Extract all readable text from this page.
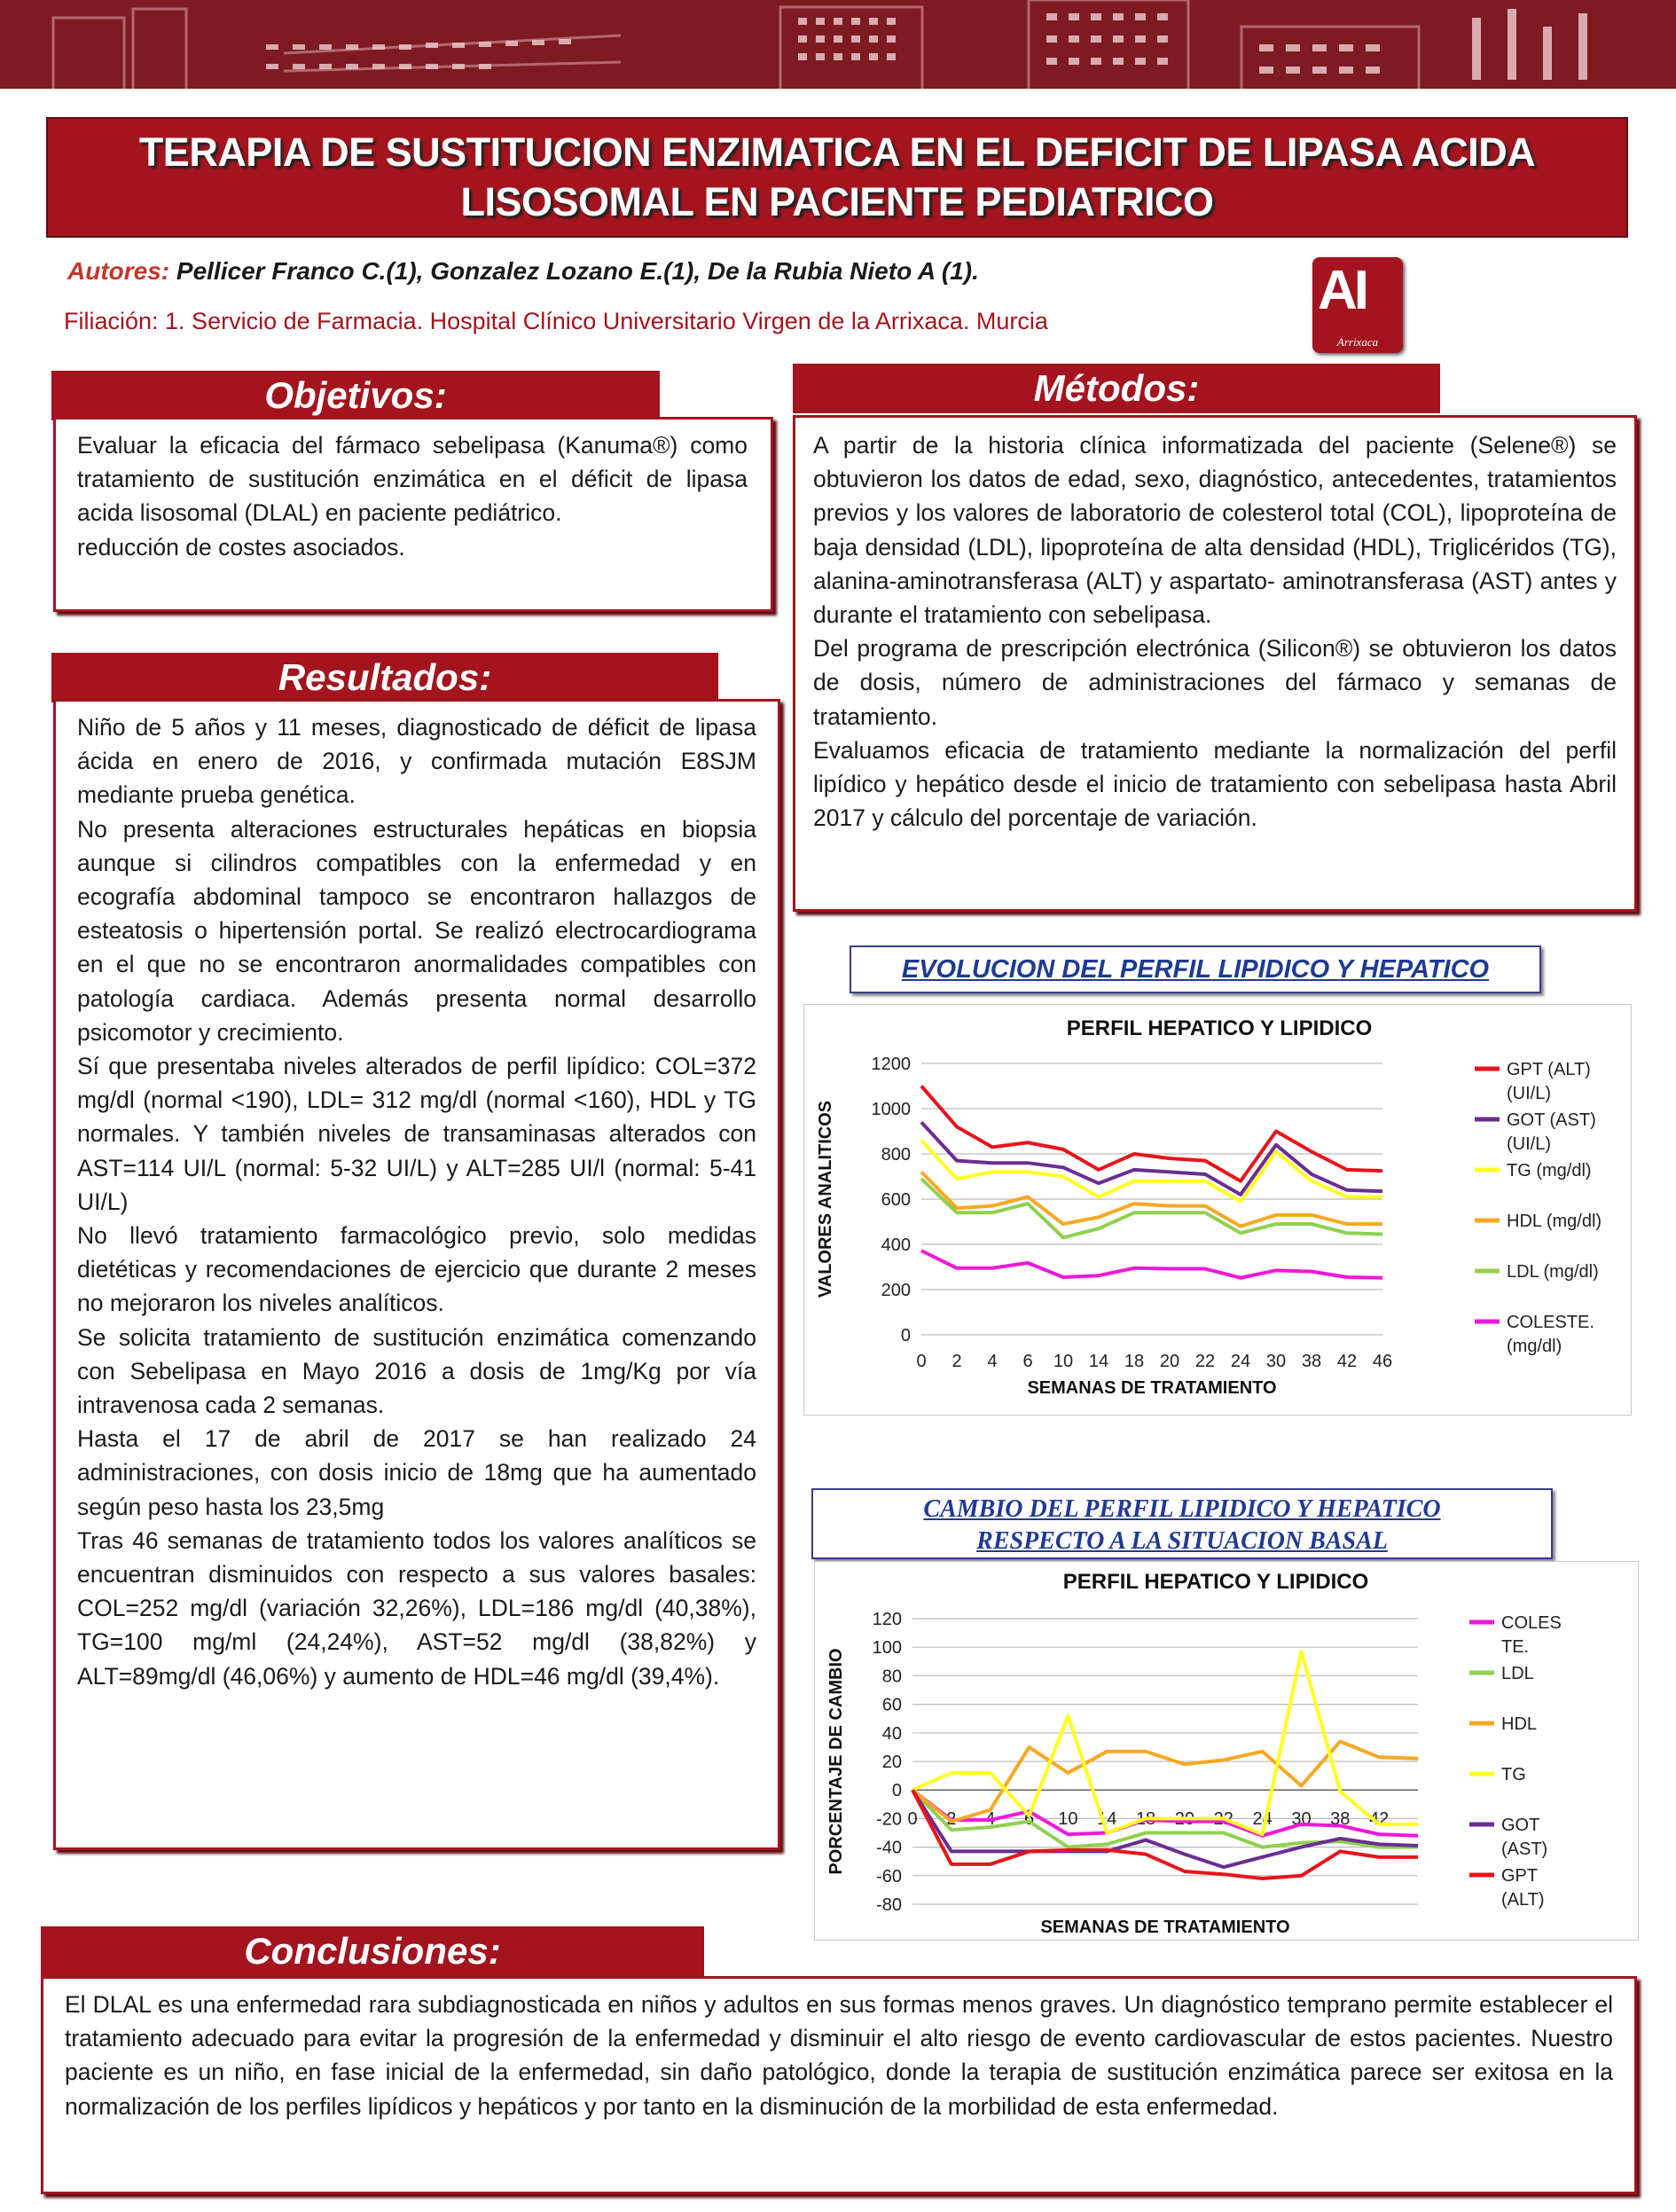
TERAPIA DE SUSTITUCION ENZIMATICA EN EL DEFICIT DE LIPASA ACIDA LISOSOMAL EN PACIENTE PEDIATRICO
Autores: Pellicer Franco C.(1), Gonzalez Lozano E.(1), De la Rubia Nieto A (1).
Filiación: 1. Servicio de Farmacia. Hospital Clínico Universitario Virgen de la Arrixaca. Murcia	AI
Arrixaca
Objetivos:

Evaluar la eficacia del fármaco sebelipasa (Kanuma®) como tratamiento de sustitución enzimática en el déficit de lipasa acida lisosomal (DLAL) en paciente pediátrico.

reducción de costes asociados.

Métodos:

A partir de la historia clínica informatizada del paciente (Selene®) se obtuvieron los datos de edad, sexo, diagnóstico, antecedentes, tratamientos previos y los valores de laboratorio de colesterol total (COL), lipoproteína de baja densidad (LDL), lipoproteína de alta densidad (HDL), Triglicéridos (TG), alanina-aminotransferasa (ALT) y aspartato- aminotransferasa (AST) antes y durante el tratamiento con sebelipasa.

Del programa de prescripción electrónica (Silicon®) se obtuvieron los datos de dosis, número de administraciones del fármaco y semanas de tratamiento.

Evaluamos eficacia de tratamiento mediante la normalización del perfil lipídico y hepático desde el inicio de tratamiento con sebelipasa hasta Abril 2017 y cálculo del porcentaje de variación.

Resultados:

Niño de 5 años y 11 meses, diagnosticado de déficit de lipasa ácida en enero de 2016, y confirmada mutación E8SJM mediante prueba genética.

No presenta alteraciones estructurales hepáticas en biopsia aunque si cilindros compatibles con la enfermedad y en ecografía abdominal tampoco se encontraron hallazgos de esteatosis o hipertensión portal. Se realizó electrocardiograma en el que no se encontraron anormalidades compatibles con patología cardiaca. Además presenta normal desarrollo psicomotor y crecimiento.

Sí que presentaba niveles alterados de perfil lipídico: COL=372 mg/dl (normal <190), LDL= 312 mg/dl (normal <160), HDL y TG normales. Y también niveles de transaminasas alterados con AST=114 UI/L (normal: 5-32 UI/L) y ALT=285 UI/l (normal: 5-41 UI/L)

No llevó tratamiento farmacológico previo, solo medidas dietéticas y recomendaciones de ejercicio que durante 2 meses no mejoraron los niveles analíticos.

Se solicita tratamiento de sustitución enzimática comenzando con Sebelipasa en Mayo 2016 a dosis de 1mg/Kg por vía intravenosa cada 2 semanas.

Hasta el 17 de abril de 2017 se han realizado 24 administraciones, con dosis inicio de 18mg que ha aumentado según peso hasta los 23,5mg

Tras 46 semanas de tratamiento todos los valores analíticos se encuentran disminuidos con respecto a sus valores basales: COL=252 mg/dl (variación 32,26%), LDL=186 mg/dl (40,38%), TG=100 mg/ml (24,24%), AST=52 mg/dl (38,82%) y ALT=89mg/dl (46,06%) y aumento de HDL=46 mg/dl (39,4%).

EVOLUCION DEL PERFIL LIPIDICO Y HEPATICO
PERFIL HEPATICO Y LIPIDICO
0
200
400
600
800
1000
1200
0 2 4 6 10 14 18 20 22 24 30 38 42 46
SEMANAS DE TRATAMIENTO
VALORES ANALITICOS
GPT (ALT)
(UI/L)
GOT (AST)
(UI/L)
TG (mg/dl)
HDL (mg/dl)
LDL (mg/dl)
COLESTE.
(mg/dl)
CAMBIO DEL PERFIL LIPIDICO Y HEPATICO
RESPECTO A LA SITUACION BASAL
PERFIL HEPATICO Y LIPIDICO
-80
-60
-40
-20
0
20
40
60
80
100
120
0 2 4 6 10 14 18 20 22 24 30 38 42
SEMANAS DE TRATAMIENTO
PORCENTAJE DE CAMBIO
COLES
TE.
LDL
HDL
TG
GOT
(AST)
GPT
(ALT)
Conclusiones:

El DLAL es una enfermedad rara subdiagnosticada en niños y adultos en sus formas menos graves. Un diagnóstico temprano permite establecer el tratamiento adecuado para evitar la progresión de la enfermedad y disminuir el alto riesgo de evento cardiovascular de estos pacientes. Nuestro paciente es un niño, en fase inicial de la enfermedad, sin daño patológico, donde la terapia de sustitución enzimática parece ser exitosa en la normalización de los perfiles lipídicos y hepáticos y por tanto en la disminución de la morbilidad de esta enfermedad.
